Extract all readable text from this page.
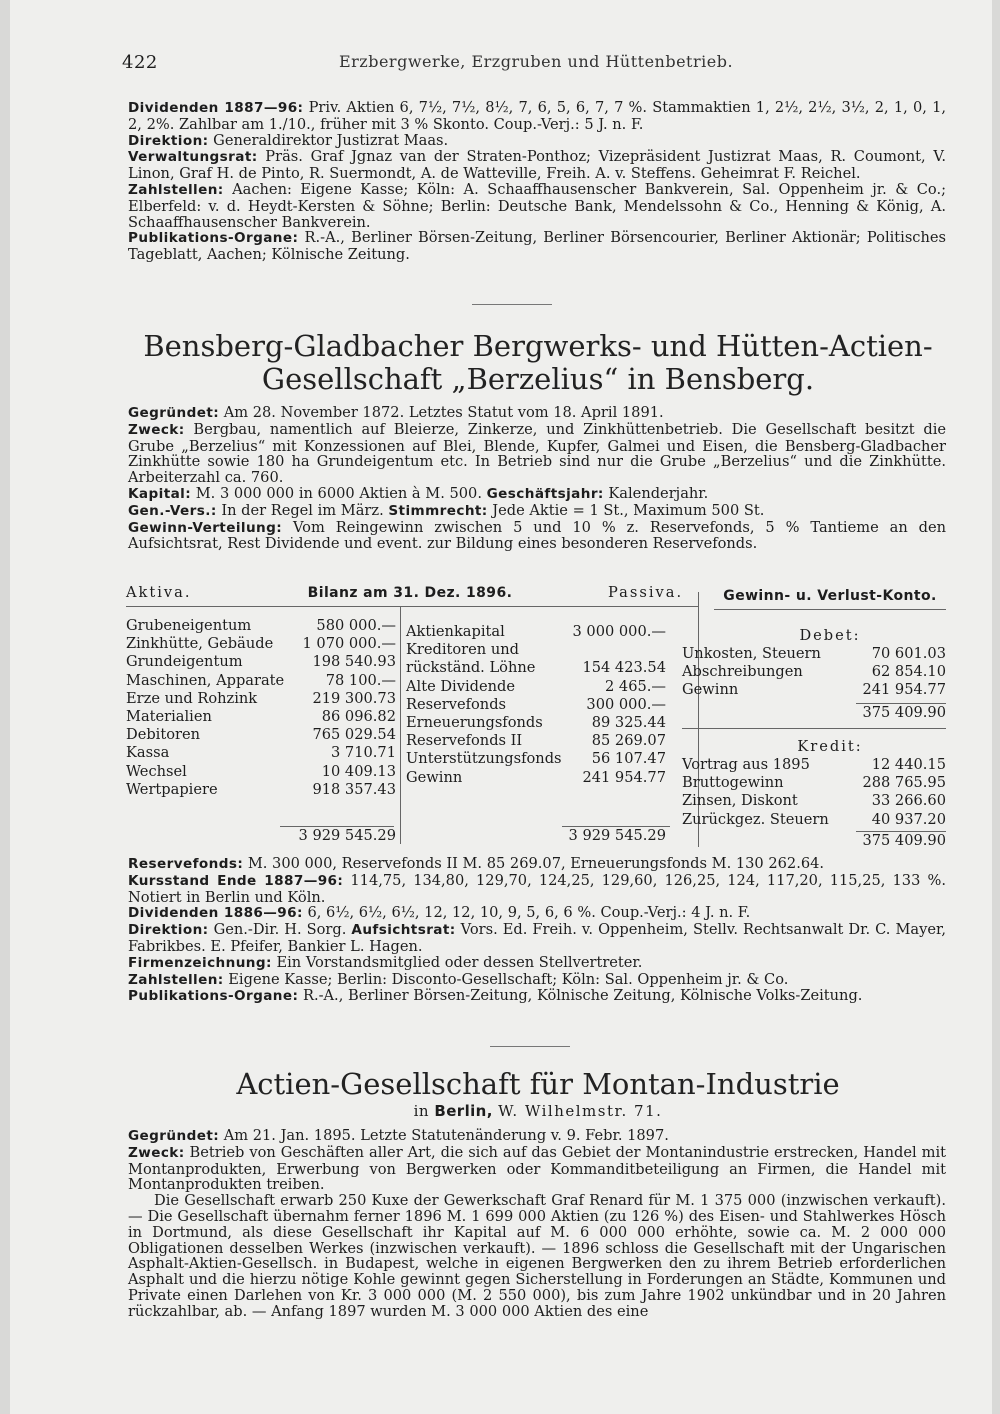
422	Erzbergwerke, Erzgruben und Hüttenbetrieb.

Dividenden 1887—96: Priv. Aktien 6, 7½, 7½, 8½, 7, 6, 5, 6, 7, 7 %. Stammaktien 1, 2½, 2½, 3½, 2, 1, 0, 1, 2, 2%. Zahlbar am 1./10., früher mit 3 % Skonto. Coup.-Verj.: 5 J. n. F.

Direktion: Generaldirektor Justizrat Maas.

Verwaltungsrat: Präs. Graf Jgnaz van der Straten-Ponthoz; Vizepräsident Justizrat Maas, R. Coumont, V. Linon, Graf H. de Pinto, R. Suermondt, A. de Watteville, Freih. A. v. Steffens. Geheimrat F. Reichel.

Zahlstellen: Aachen: Eigene Kasse; Köln: A. Schaaffhausenscher Bankverein, Sal. Oppenheim jr. & Co.; Elberfeld: v. d. Heydt-Kersten & Söhne; Berlin: Deutsche Bank, Mendelssohn & Co., Henning & König, A. Schaaffhausenscher Bankverein.

Publikations-Organe: R.-A., Berliner Börsen-Zeitung, Berliner Börsencourier, Berliner Aktionär; Politisches Tageblatt, Aachen; Kölnische Zeitung.

Bensberg-Gladbacher Bergwerks- und Hütten-Actien-
Gesellschaft „Berzelius“ in Bensberg.

Gegründet: Am 28. November 1872. Letztes Statut vom 18. April 1891.

Zweck: Bergbau, namentlich auf Bleierze, Zinkerze, und Zinkhüttenbetrieb. Die Gesellschaft besitzt die Grube „Berzelius“ mit Konzessionen auf Blei, Blende, Kupfer, Galmei und Eisen, die Bensberg-Gladbacher Zinkhütte sowie 180 ha Grundeigentum etc. In Betrieb sind nur die Grube „Berzelius“ und die Zinkhütte. Arbeiterzahl ca. 760.

Kapital: M. 3 000 000 in 6000 Aktien à M. 500. Geschäftsjahr: Kalenderjahr.

Gen.-Vers.: In der Regel im März. Stimmrecht: Jede Aktie = 1 St., Maximum 500 St.

Gewinn-Verteilung: Vom Reingewinn zwischen 5 und 10 % z. Reservefonds, 5 % Tantieme an den Aufsichtsrat, Rest Dividende und event. zur Bildung eines besonderen Reservefonds.

Aktiva.	Bilanz am 31. Dez. 1896.	Passiva.	Gewinn- u. Verlust-Konto.
Grubeneigentum	580 000.—
Zinkhütte, Gebäude 1 070 000.—
Grundeigentum	198 540.93
Maschinen, Apparate	78 100.—
Erze und Rohzink	219 300.73
Materialien	86 096.82
Debitoren	765 029.54
Kassa	3 710.71
Wechsel	10 409.13
Wertpapiere	918 357.43
3 929 545.29
Aktienkapital	3 000 000.—
Kreditoren und
rückständ. Löhne	154 423.54
Alte Dividende	2 465.—
Reservefonds	300 000.—
Erneuerungsfonds	89 325.44
Reservefonds II	85 269.07
Unterstützungsfonds 56 107.47
Gewinn	241 954.77
3 929 545.29
Debet:
Unkosten, Steuern	70 601.03
Abschreibungen	62 854.10
Gewinn	241 954.77
375 409.90
Kredit:
Vortrag aus 1895	12 440.15
Bruttogewinn	288 765.95
Zinsen, Diskont	33 266.60
Zurückgez. Steuern	40 937.20
375 409.90

Reservefonds: M. 300 000, Reservefonds II M. 85 269.07, Erneuerungsfonds M. 130 262.64.

Kursstand Ende 1887—96: 114,75, 134,80, 129,70, 124,25, 129,60, 126,25, 124, 117,20, 115,25, 133 %. Notiert in Berlin und Köln.

Dividenden 1886—96: 6, 6½, 6½, 6½, 12, 12, 10, 9, 5, 6, 6 %. Coup.-Verj.: 4 J. n. F.

Direktion: Gen.-Dir. H. Sorg. Aufsichtsrat: Vors. Ed. Freih. v. Oppenheim, Stellv. Rechtsanwalt Dr. C. Mayer, Fabrikbes. E. Pfeifer, Bankier L. Hagen.

Firmenzeichnung: Ein Vorstandsmitglied oder dessen Stellvertreter.

Zahlstellen: Eigene Kasse; Berlin: Disconto-Gesellschaft; Köln: Sal. Oppenheim jr. & Co.

Publikations-Organe: R.-A., Berliner Börsen-Zeitung, Kölnische Zeitung, Kölnische Volks-Zeitung.

Actien-Gesellschaft für Montan-Industrie
in Berlin, W. Wilhelmstr. 71.

Gegründet: Am 21. Jan. 1895. Letzte Statutenänderung v. 9. Febr. 1897.

Zweck: Betrieb von Geschäften aller Art, die sich auf das Gebiet der Montanindustrie erstrecken, Handel mit Montanprodukten, Erwerbung von Bergwerken oder Kommanditbeteiligung an Firmen, die Handel mit Montanprodukten treiben.

Die Gesellschaft erwarb 250 Kuxe der Gewerkschaft Graf Renard für M. 1 375 000 (inzwischen verkauft). — Die Gesellschaft übernahm ferner 1896 M. 1 699 000 Aktien (zu 126 %) des Eisen- und Stahlwerkes Hösch in Dortmund, als diese Gesellschaft ihr Kapital auf M. 6 000 000 erhöhte, sowie ca. M. 2 000 000 Obligationen desselben Werkes (inzwischen verkauft). — 1896 schloss die Gesellschaft mit der Ungarischen Asphalt-Aktien-Gesellsch. in Budapest, welche in eigenen Bergwerken den zu ihrem Betrieb erforderlichen Asphalt und die hierzu nötige Kohle gewinnt gegen Sicherstellung in Forderungen an Städte, Kommunen und Private einen Darlehen von Kr. 3 000 000 (M. 2 550 000), bis zum Jahre 1902 unkündbar und in 20 Jahren rückzahlbar, ab. — Anfang 1897 wurden M. 3 000 000 Aktien des eine
